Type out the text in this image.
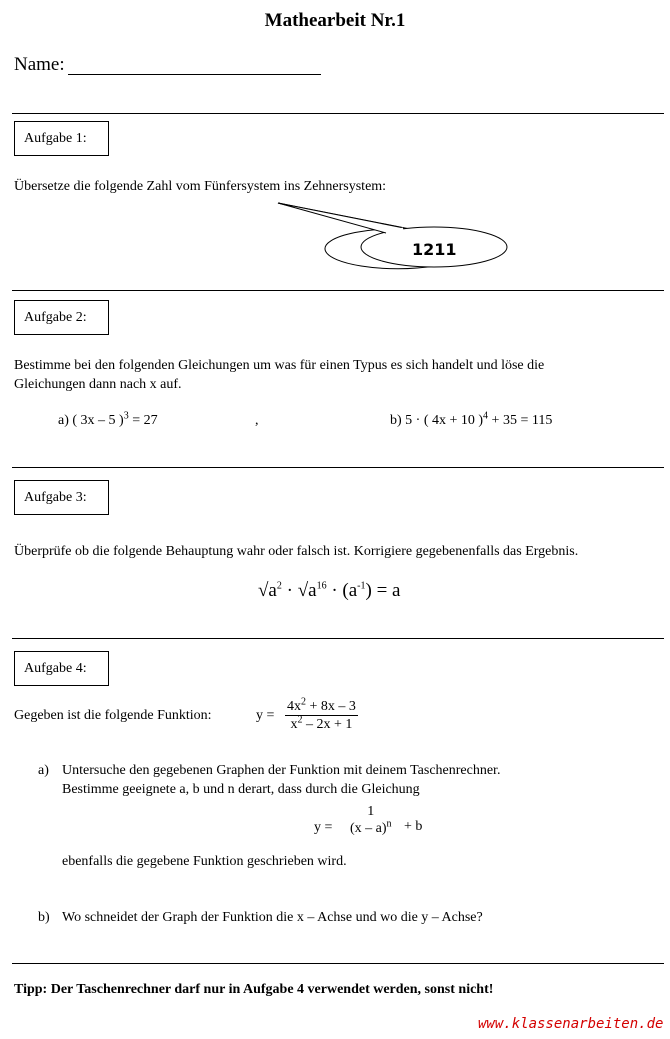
Mathearbeit Nr.1
Name:
Aufgabe 1:
Übersetze die folgende Zahl vom Fünfersystem ins Zehnersystem:
1211
Aufgabe 2:
Bestimme bei den folgenden Gleichungen um was für einen Typus es sich handelt und löse die
Gleichungen dann nach x auf.
a) ( 3x – 5 )$^3$ = 27	,	b) 5 · ( 4x + 10 )$^4$ + 35 = 115
Aufgabe 3:
Überprüfe ob die folgende Behauptung wahr oder falsch ist. Korrigiere gegebenenfalls das Ergebnis.
$√a^2 \cdot √a^{16} \cdot (a^{-1}) = a$
Aufgabe 4:
Gegeben ist die folgende Funktion:	$y = \frac{4x^2 + 8x - 3}{x^2 - 2x + 1}$
a) Untersuche den gegebenen Graphen der Funktion mit deinem Taschenrechner.
Bestimme geeignete a, b und n derart, dass durch die Gleichung
y =
1
(x – a)$^n$ + b
ebenfalls die gegebene Funktion geschrieben wird.
b) Wo schneidet der Graph der Funktion die x – Achse und wo die y – Achse?
Tipp: Der Taschenrechner darf nur in Aufgabe 4 verwendet werden, sonst nicht!
www.klassenarbeiten.de
